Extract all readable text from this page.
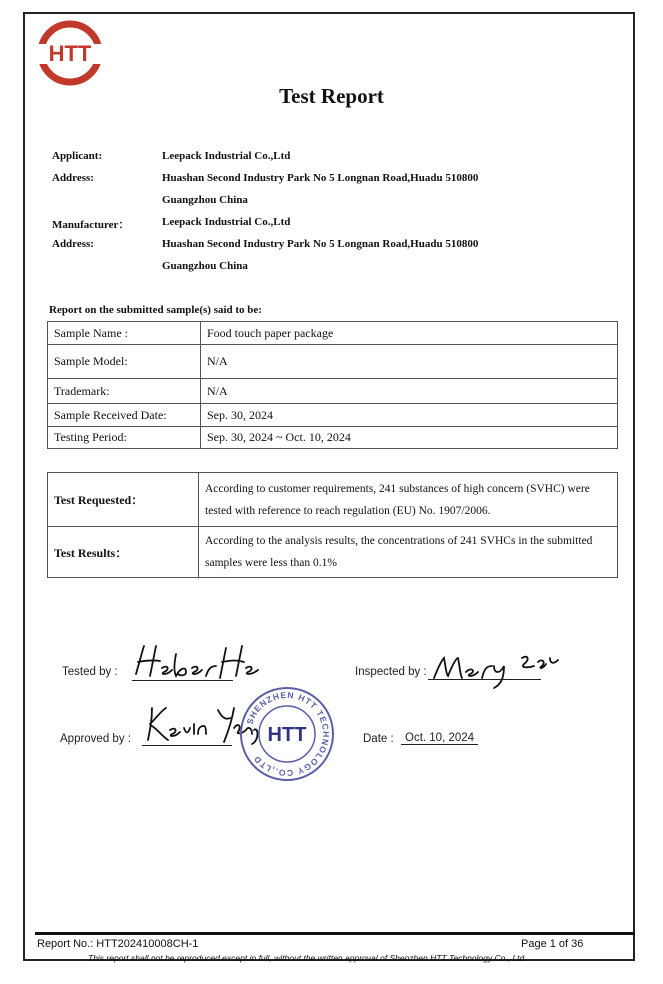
HTT
Test Report
Applicant:	Leepack Industrial Co.,Ltd
Address:	Huashan Second Industry Park No 5 Longnan Road,Huadu 510800
Guangzhou China
Manufacturer：	Leepack Industrial Co.,Ltd
Address:	Huashan Second Industry Park No 5 Longnan Road,Huadu 510800
Guangzhou China
Report on the submitted sample(s) said to be:
Sample Name :	Food touch paper package
Sample Model:	N/A
Trademark:	N/A
Sample Received Date:	Sep. 30, 2024
Testing Period:	Sep. 30, 2024 ~ Oct. 10, 2024
Test Requested：	According to customer requirements, 241 substances of high concern (SVHC) were tested with reference to reach regulation (EU) No. 1907/2006.
Test Results：	According to the analysis results, the concentrations of 241 SVHCs in the submitted samples were less than 0.1%
Tested by :	Inspected by :
Approved by :
SHENZHEN HTT TECHNOLOGY CO.,LTD
HTT	Date : Oct. 10, 2024
Report No.: HTT202410008CH-1	Page 1 of 36
This report shall not be reproduced except in full, without the written approval of Shenzhen HTT Technology Co., Ltd.
